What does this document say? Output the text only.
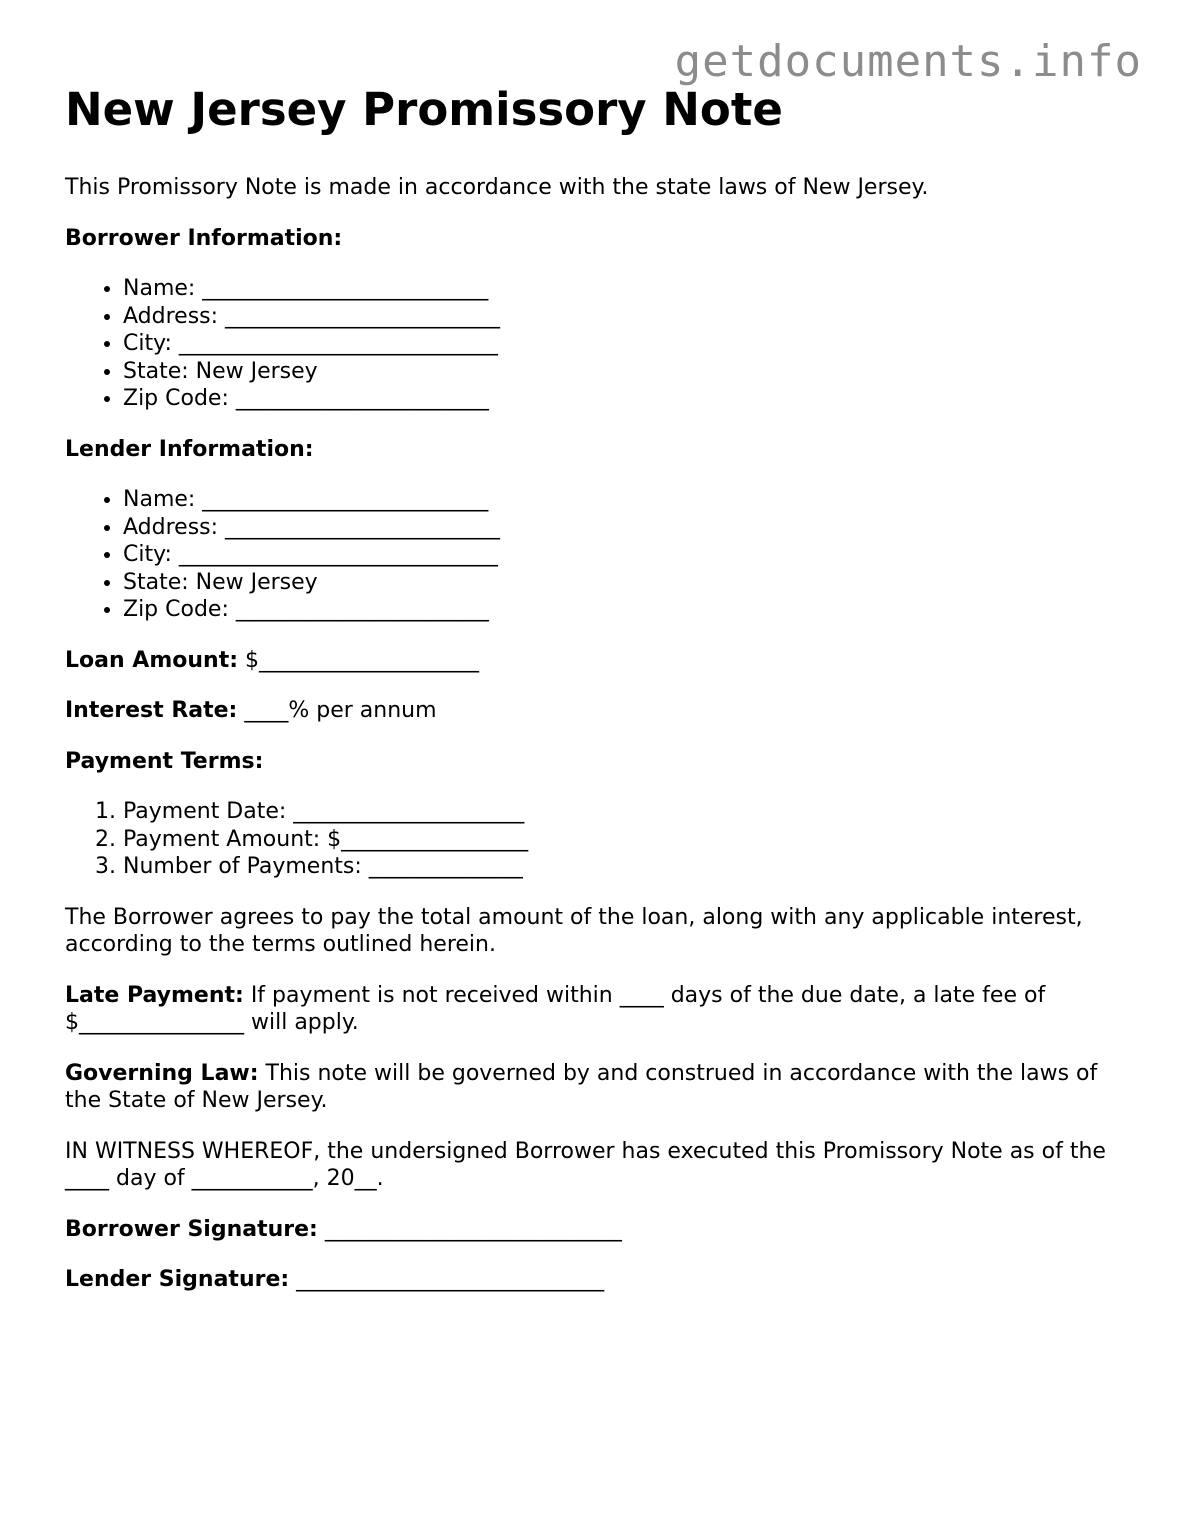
getdocuments.info
New Jersey Promissory Note

This Promissory Note is made in accordance with the state laws of New Jersey.

Borrower Information:

• Name: __________________________
• Address: _________________________
• City: _____________________________
• State: New Jersey
• Zip Code: _______________________

Lender Information:

• Name: __________________________
• Address: _________________________
• City: _____________________________
• State: New Jersey
• Zip Code: _______________________

Loan Amount: $____________________

Interest Rate: ____% per annum

Payment Terms:

1. Payment Date: _____________________
2. Payment Amount: $_________________
3. Number of Payments: ______________

The Borrower agrees to pay the total amount of the loan, along with any applicable interest, according to the terms outlined herein.

Late Payment: If payment is not received within ____ days of the due date, a late fee of $_______________ will apply.

Governing Law: This note will be governed by and construed in accordance with the laws of the State of New Jersey.

IN WITNESS WHEREOF, the undersigned Borrower has executed this Promissory Note as of the ____ day of ___________, 20__.

Borrower Signature: ___________________________

Lender Signature: ____________________________
